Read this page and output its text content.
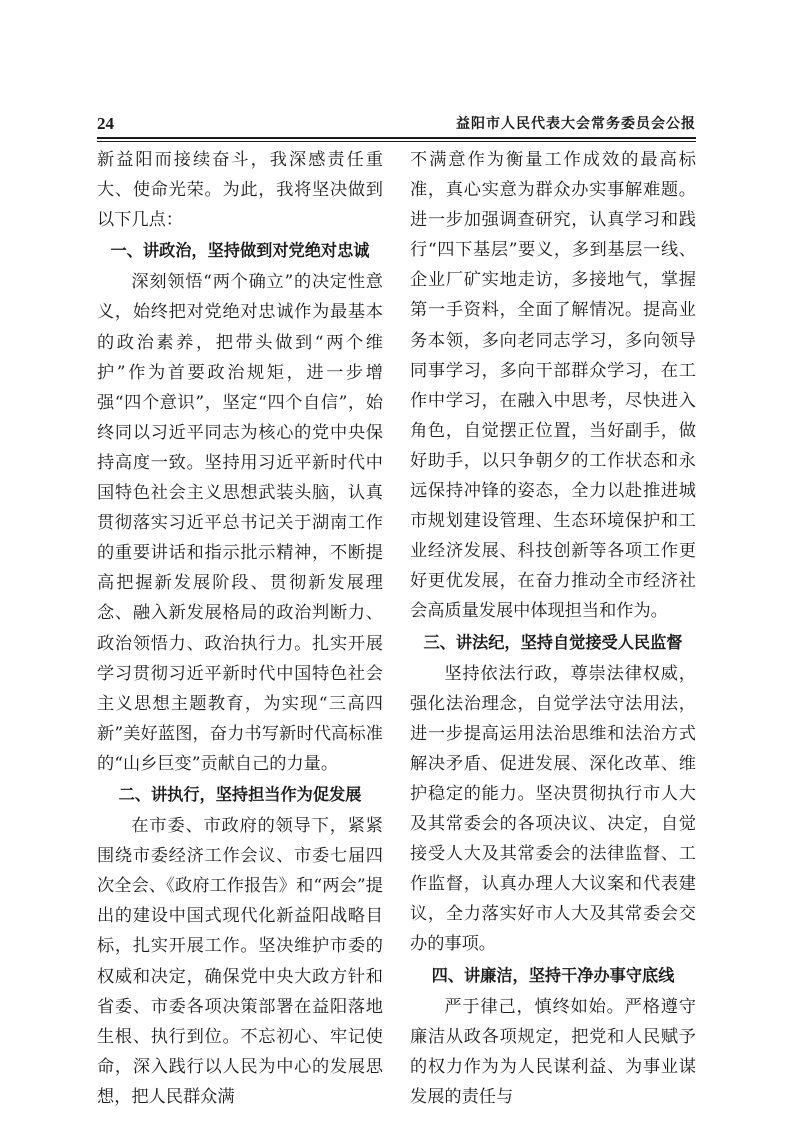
24	益阳市人民代表大会常务委员会公报

新益阳而接续奋斗，我深感责任重大、使命光荣。为此，我将坚决做到以下几点：

一、讲政治，坚持做到对党绝对忠诚

深刻领悟“两个确立”的决定性意义，始终把对党绝对忠诚作为最基本的政治素养，把带头做到“两个维护”作为首要政治规矩，进一步增强“四个意识”，坚定“四个自信”，始终同以习近平同志为核心的党中央保持高度一致。坚持用习近平新时代中国特色社会主义思想武装头脑，认真贯彻落实习近平总书记关于湖南工作的重要讲话和指示批示精神，不断提高把握新发展阶段、贯彻新发展理念、融入新发展格局的政治判断力、政治领悟力、政治执行力。扎实开展学习贯彻习近平新时代中国特色社会主义思想主题教育，为实现“三高四新”美好蓝图，奋力书写新时代高标准的“山乡巨变”贡献自己的力量。

二、讲执行，坚持担当作为促发展

在市委、市政府的领导下，紧紧围绕市委经济工作会议、市委七届四次全会、《政府工作报告》和“两会”提出的建设中国式现代化新益阳战略目标，扎实开展工作。坚决维护市委的权威和决定，确保党中央大政方针和省委、市委各项决策部署在益阳落地生根、执行到位。不忘初心、牢记使命，深入践行以人民为中心的发展思想，把人民群众满

不满意作为衡量工作成效的最高标准，真心实意为群众办实事解难题。进一步加强调查研究，认真学习和践行“四下基层”要义，多到基层一线、企业厂矿实地走访，多接地气，掌握第一手资料，全面了解情况。提高业务本领，多向老同志学习，多向领导同事学习，多向干部群众学习，在工作中学习，在融入中思考，尽快进入角色，自觉摆正位置，当好副手，做好助手，以只争朝夕的工作状态和永远保持冲锋的姿态，全力以赴推进城市规划建设管理、生态环境保护和工业经济发展、科技创新等各项工作更好更优发展，在奋力推动全市经济社会高质量发展中体现担当和作为。

三、讲法纪，坚持自觉接受人民监督

坚持依法行政，尊崇法律权威，强化法治理念，自觉学法守法用法，进一步提高运用法治思维和法治方式解决矛盾、促进发展、深化改革、维护稳定的能力。坚决贯彻执行市人大及其常委会的各项决议、决定，自觉接受人大及其常委会的法律监督、工作监督，认真办理人大议案和代表建议，全力落实好市人大及其常委会交办的事项。

四、讲廉洁，坚持干净办事守底线

严于律己，慎终如始。严格遵守廉洁从政各项规定，把党和人民赋予的权力作为为人民谋利益、为事业谋发展的责任与
